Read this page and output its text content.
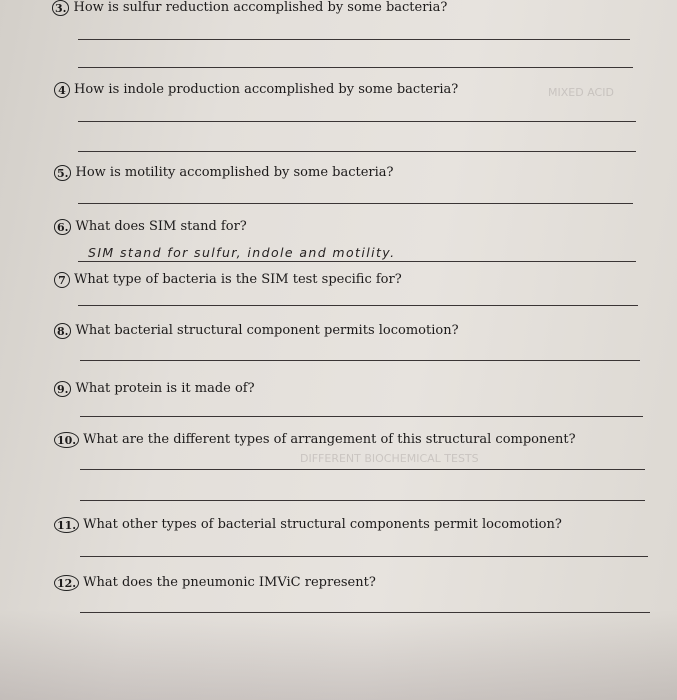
MIXED ACID
DIFFERENT BIOCHEMICAL TESTS
3. How is sulfur reduction accomplished by some bacteria?
4 How is indole production accomplished by some bacteria?
5. How is motility accomplished by some bacteria?
6. What does SIM stand for?
SIM stand for sulfur, indole and motility.
7 What type of bacteria is the SIM test specific for?
8. What bacterial structural component permits locomotion?
9. What protein is it made of?
10. What are the different types of arrangement of this structural component?
11. What other types of bacterial structural components permit locomotion?
12. What does the pneumonic IMViC represent?
